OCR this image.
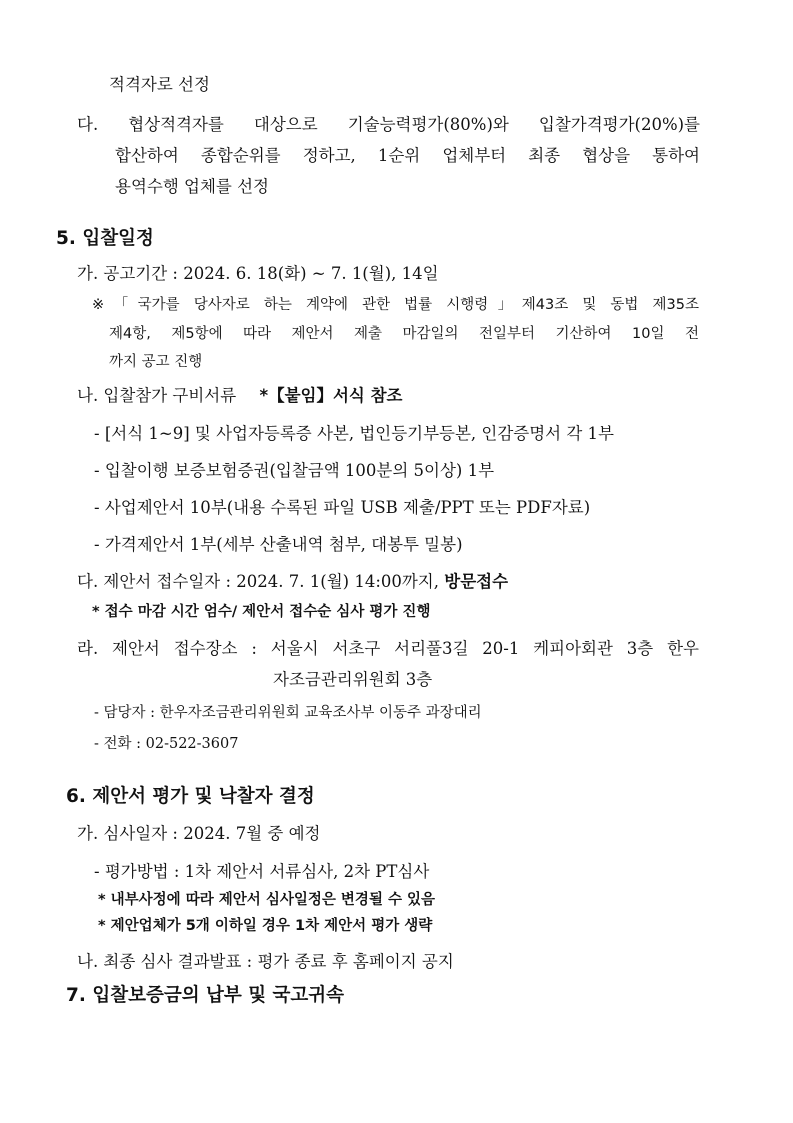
적격자로 선정
다. 협상적격자를 대상으로 기술능력평가(80%)와 입찰가격평가(20%)를
합산하여 종합순위를 정하고, 1순위 업체부터 최종 협상을 통하여
용역수행 업체를 선정
5. 입찰일정
가. 공고기간 : 2024. 6. 18(화) ~ 7. 1(월), 14일
※「국가를 당사자로 하는 계약에 관한 법률 시행령」제43조 및 동법 제35조
제4항, 제5항에 따라 제안서 제출 마감일의 전일부터 기산하여 10일 전
까지 공고 진행
나. 입찰참가 구비서류 *【붙임】서식 참조
- [서식 1~9] 및 사업자등록증 사본, 법인등기부등본, 인감증명서 각 1부
- 입찰이행 보증보험증권(입찰금액 100분의 5이상) 1부
- 사업제안서 10부(내용 수록된 파일 USB 제출/PPT 또는 PDF자료)
- 가격제안서 1부(세부 산출내역 첨부, 대봉투 밀봉)
다. 제안서 접수일자 : 2024. 7. 1(월) 14:00까지, 방문접수
* 접수 마감 시간 엄수/ 제안서 접수순 심사 평가 진행
라. 제안서 접수장소 : 서울시 서초구 서리풀3길 20-1 케피아회관 3층 한우
자조금관리위원회 3층
- 담당자 : 한우자조금관리위원회 교육조사부 이동주 과장대리
- 전화 : 02-522-3607
6. 제안서 평가 및 낙찰자 결정
가. 심사일자 : 2024. 7월 중 예정
- 평가방법 : 1차 제안서 서류심사, 2차 PT심사
* 내부사정에 따라 제안서 심사일정은 변경될 수 있음
* 제안업체가 5개 이하일 경우 1차 제안서 평가 생략
나. 최종 심사 결과발표 : 평가 종료 후 홈페이지 공지
7. 입찰보증금의 납부 및 국고귀속
